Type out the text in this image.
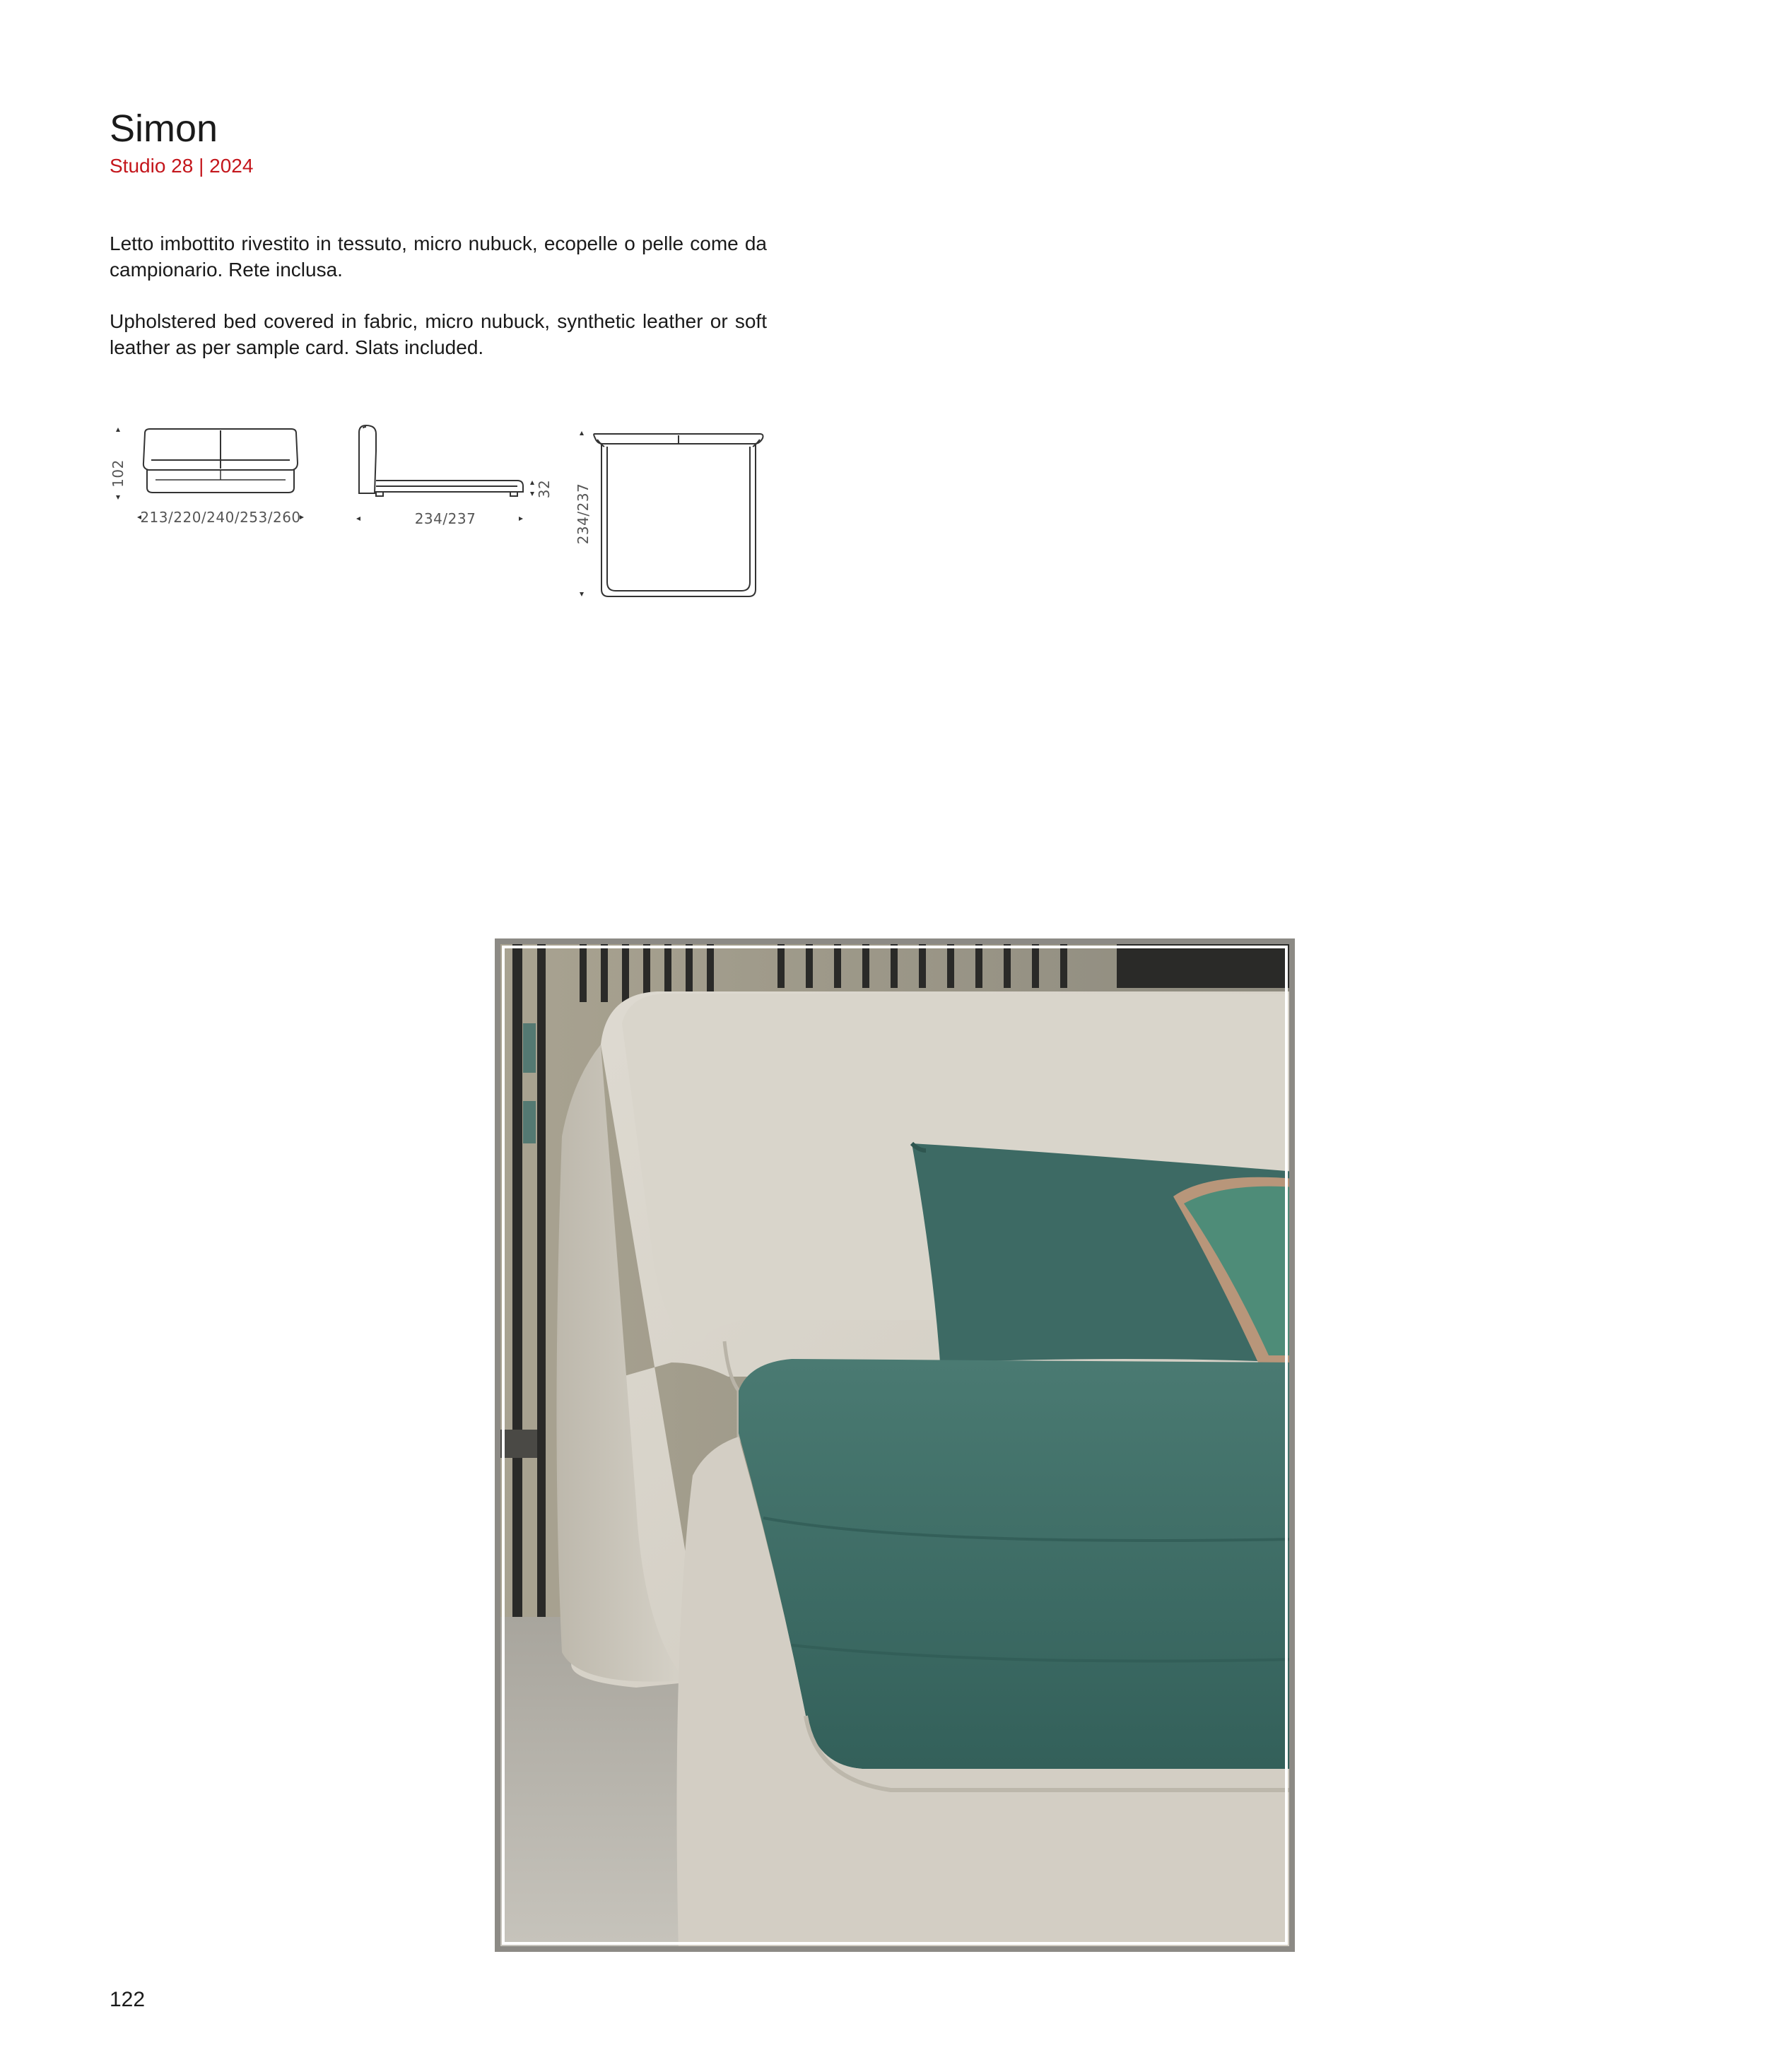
Simon
Studio 28 | 2024
Letto imbottito rivestito in tessuto, micro nubuck, ecopelle o pelle come da campionario. Rete inclusa.
Upholstered bed covered in fabric, micro nubuck, synthetic leather or soft leather as per sample card. Slats included.
102
213/220/240/253/260
32
234/237	234/237
122
